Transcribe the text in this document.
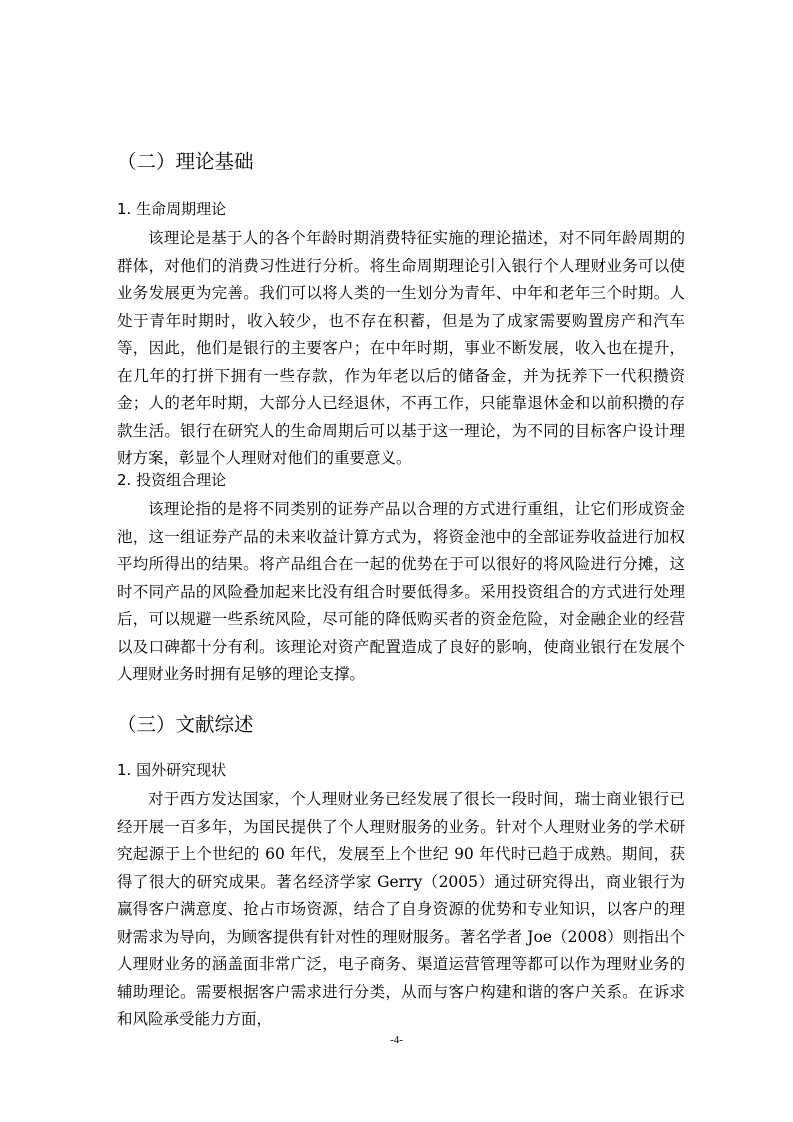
（二）理论基础
1. 生命周期理论

该理论是基于人的各个年龄时期消费特征实施的理论描述，对不同年龄周期的群体，对他们的消费习性进行分析。将生命周期理论引入银行个人理财业务可以使业务发展更为完善。我们可以将人类的一生划分为青年、中年和老年三个时期。人处于青年时期时，收入较少，也不存在积蓄，但是为了成家需要购置房产和汽车等，因此，他们是银行的主要客户；在中年时期，事业不断发展，收入也在提升，在几年的打拼下拥有一些存款，作为年老以后的储备金，并为抚养下一代积攒资金；人的老年时期，大部分人已经退休，不再工作，只能靠退休金和以前积攒的存款生活。银行在研究人的生命周期后可以基于这一理论，为不同的目标客户设计理财方案，彰显个人理财对他们的重要意义。

2. 投资组合理论

该理论指的是将不同类别的证券产品以合理的方式进行重组，让它们形成资金池，这一组证券产品的未来收益计算方式为，将资金池中的全部证券收益进行加权平均所得出的结果。将产品组合在一起的优势在于可以很好的将风险进行分摊，这时不同产品的风险叠加起来比没有组合时要低得多。采用投资组合的方式进行处理后，可以规避一些系统风险，尽可能的降低购买者的资金危险，对金融企业的经营以及口碑都十分有利。该理论对资产配置造成了良好的影响，使商业银行在发展个人理财业务时拥有足够的理论支撑。

（三）文献综述
1. 国外研究现状

对于西方发达国家，个人理财业务已经发展了很长一段时间，瑞士商业银行已经开展一百多年，为国民提供了个人理财服务的业务。针对个人理财业务的学术研究起源于上个世纪的 60 年代，发展至上个世纪 90 年代时已趋于成熟。期间，获得了很大的研究成果。著名经济学家 Gerry（2005）通过研究得出，商业银行为赢得客户满意度、抢占市场资源，结合了自身资源的优势和专业知识，以客户的理财需求为导向，为顾客提供有针对性的理财服务。著名学者 Joe（2008）则指出个人理财业务的涵盖面非常广泛，电子商务、渠道运营管理等都可以作为理财业务的辅助理论。需要根据客户需求进行分类，从而与客户构建和谐的客户关系。在诉求和风险承受能力方面，

-4-
